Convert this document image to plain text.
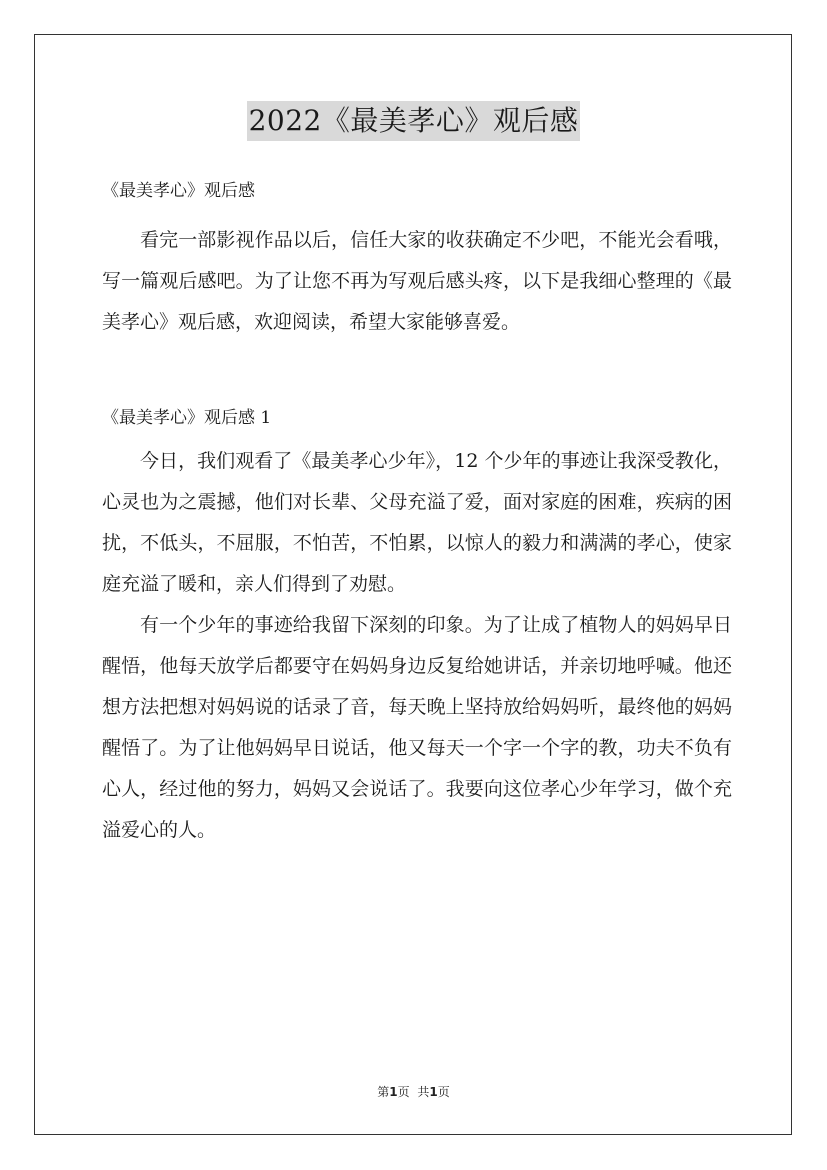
2022《最美孝心》观后感

《最美孝心》观后感

看完一部影视作品以后，信任大家的收获确定不少吧，不能光会看哦，写一篇观后感吧。为了让您不再为写观后感头疼，以下是我细心整理的《最美孝心》观后感，欢迎阅读，希望大家能够喜爱。

《最美孝心》观后感 1

今日，我们观看了《最美孝心少年》，12 个少年的事迹让我深受教化，心灵也为之震撼，他们对长辈、父母充溢了爱，面对家庭的困难，疾病的困扰，不低头，不屈服，不怕苦，不怕累，以惊人的毅力和满满的孝心，使家庭充溢了暖和，亲人们得到了劝慰。

有一个少年的事迹给我留下深刻的印象。为了让成了植物人的妈妈早日醒悟，他每天放学后都要守在妈妈身边反复给她讲话，并亲切地呼喊。他还想方法把想对妈妈说的话录了音，每天晚上坚持放给妈妈听，最终他的妈妈醒悟了。为了让他妈妈早日说话，他又每天一个字一个字的教，功夫不负有心人，经过他的努力，妈妈又会说话了。我要向这位孝心少年学习，做个充溢爱心的人。

第1页 共1页
